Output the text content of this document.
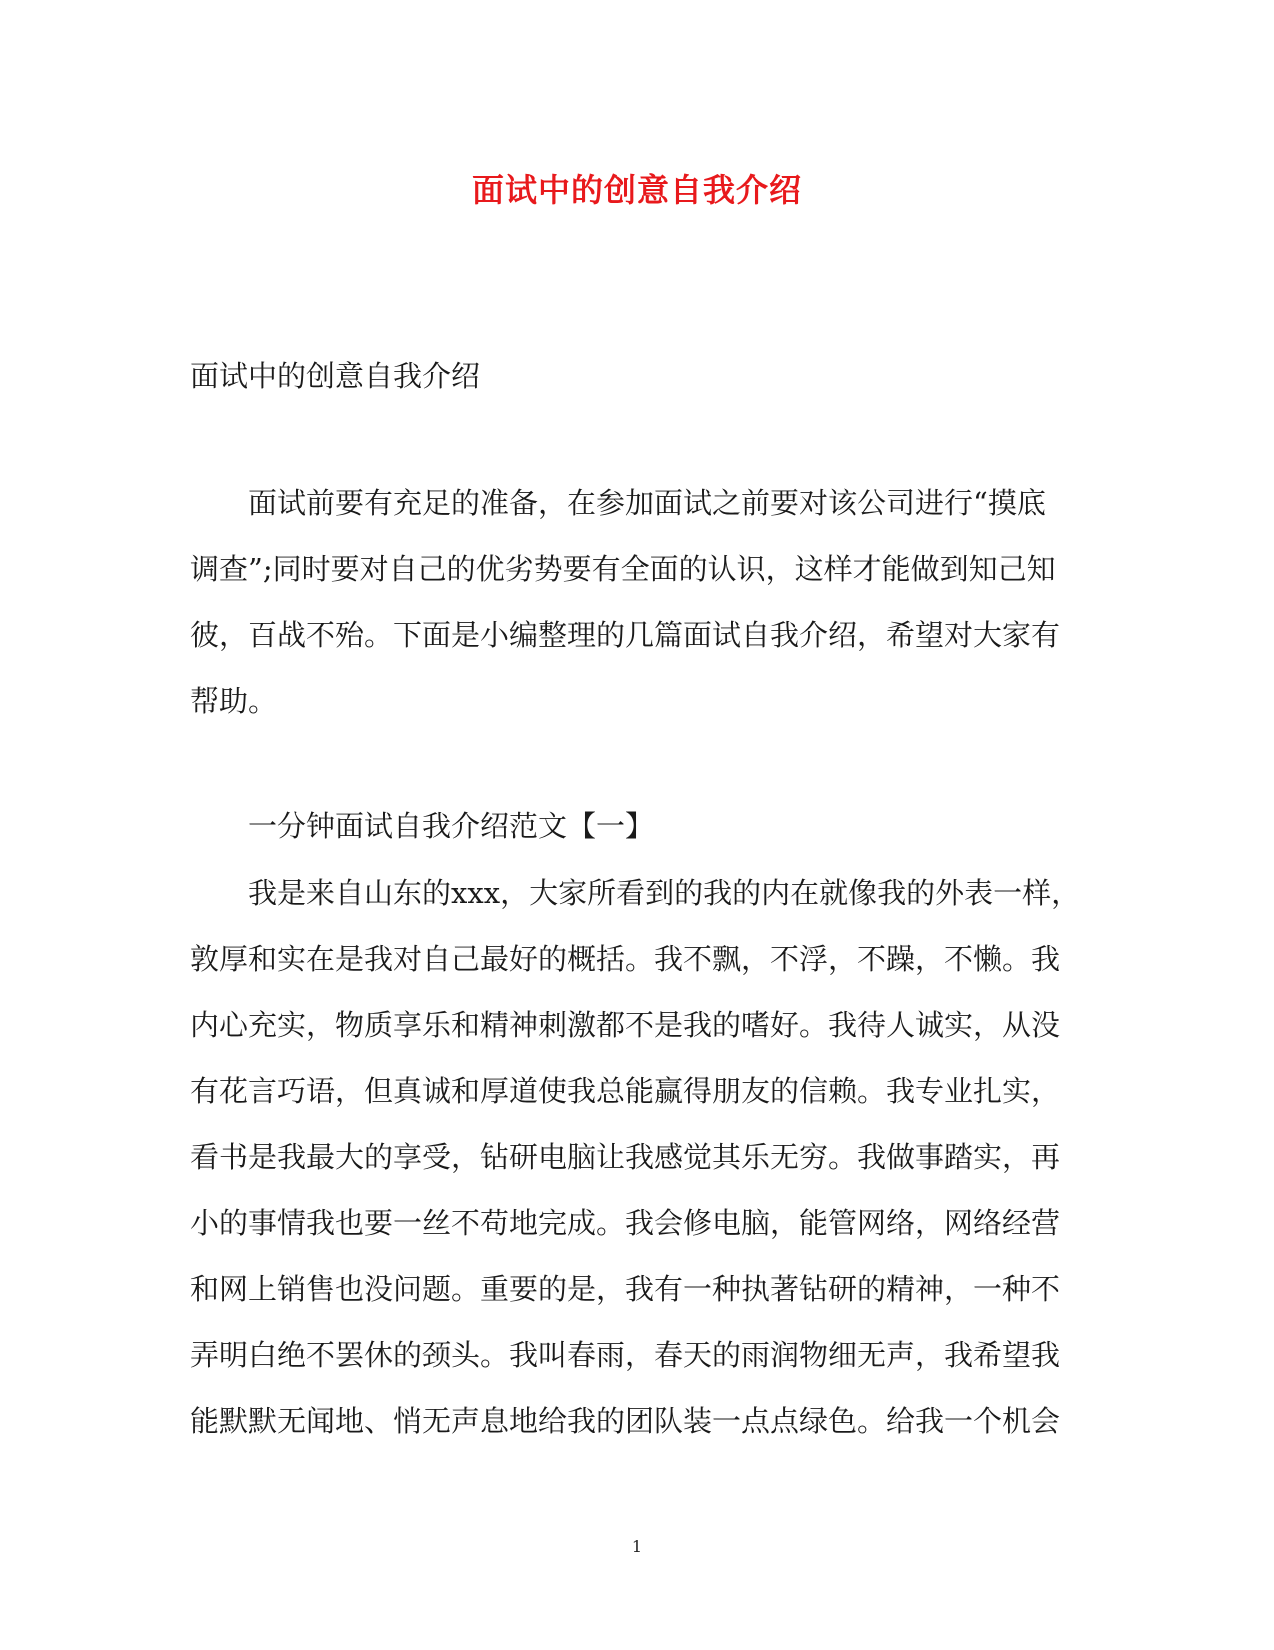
面试中的创意自我介绍
面试中的创意自我介绍

面试前要有充足的准备，在参加面试之前要对该公司进行“摸底
调查”;同时要对自己的优劣势要有全面的认识，这样才能做到知己知
彼，百战不殆。下面是小编整理的几篇面试自我介绍，希望对大家有
帮助。

一分钟面试自我介绍范文【一】

我是来自山东的xxx，大家所看到的我的内在就像我的外表一样，
敦厚和实在是我对自己最好的概括。我不飘，不浮，不躁，不懒。我
内心充实，物质享乐和精神刺激都不是我的嗜好。我待人诚实，从没
有花言巧语，但真诚和厚道使我总能赢得朋友的信赖。我专业扎实，
看书是我最大的享受，钻研电脑让我感觉其乐无穷。我做事踏实，再
小的事情我也要一丝不苟地完成。我会修电脑，能管网络，网络经营
和网上销售也没问题。重要的是，我有一种执著钻研的精神，一种不
弄明白绝不罢休的颈头。我叫春雨，春天的雨润物细无声，我希望我
能默默无闻地、悄无声息地给我的团队装一点点绿色。给我一个机会

1
